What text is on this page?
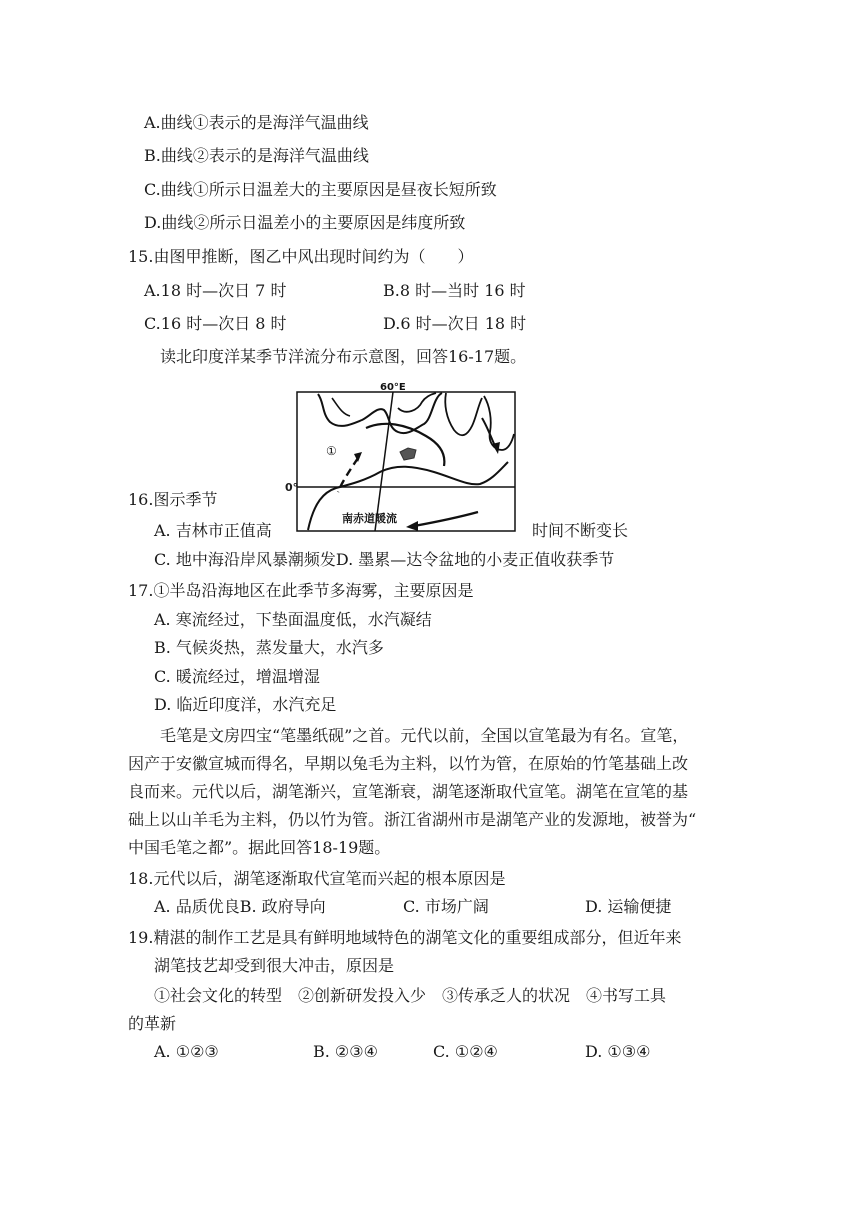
A.曲线①表示的是海洋气温曲线
B.曲线②表示的是海洋气温曲线
C.曲线①所示日温差大的主要原因是昼夜长短所致
D.曲线②所示日温差小的主要原因是纬度所致
15.由图甲推断，图乙中风出现时间约为（　　）
A.18 时—次日 7 时	B.8 时—当时 16 时
C.16 时—次日 8 时	D.6 时—次日 18 时
读北印度洋某季节洋流分布示意图，回答16-17题。
16.图示季节
A. 吉林市正值高	时间不断变长
60°E
①
南赤道暖流
0°
C. 地中海沿岸风暴潮频发D. 墨累—达令盆地的小麦正值收获季节
17.①半岛沿海地区在此季节多海雾，主要原因是
A. 寒流经过，下垫面温度低，水汽凝结
B. 气候炎热，蒸发量大，水汽多
C. 暖流经过，增温增湿
D. 临近印度洋，水汽充足
毛笔是文房四宝“笔墨纸砚”之首。元代以前，全国以宣笔最为有名。宣笔，
因产于安徽宣城而得名，早期以兔毛为主料，以竹为管，在原始的竹笔基础上改
良而来。元代以后，湖笔渐兴，宣笔渐衰，湖笔逐渐取代宣笔。湖笔在宣笔的基
础上以山羊毛为主料，仍以竹为管。浙江省湖州市是湖笔产业的发源地，被誉为“
中国毛笔之都”。据此回答18-19题。
18.元代以后，湖笔逐渐取代宣笔而兴起的根本原因是
A. 品质优良B. 政府导向	C. 市场广阔	D. 运输便捷
19.精湛的制作工艺是具有鲜明地域特色的湖笔文化的重要组成部分，但近年来
湖笔技艺却受到很大冲击，原因是
①社会文化的转型　②创新研发投入少　③传承乏人的状况　④书写工具
的革新
A. ①②③	B. ②③④	C. ①②④	D. ①③④
